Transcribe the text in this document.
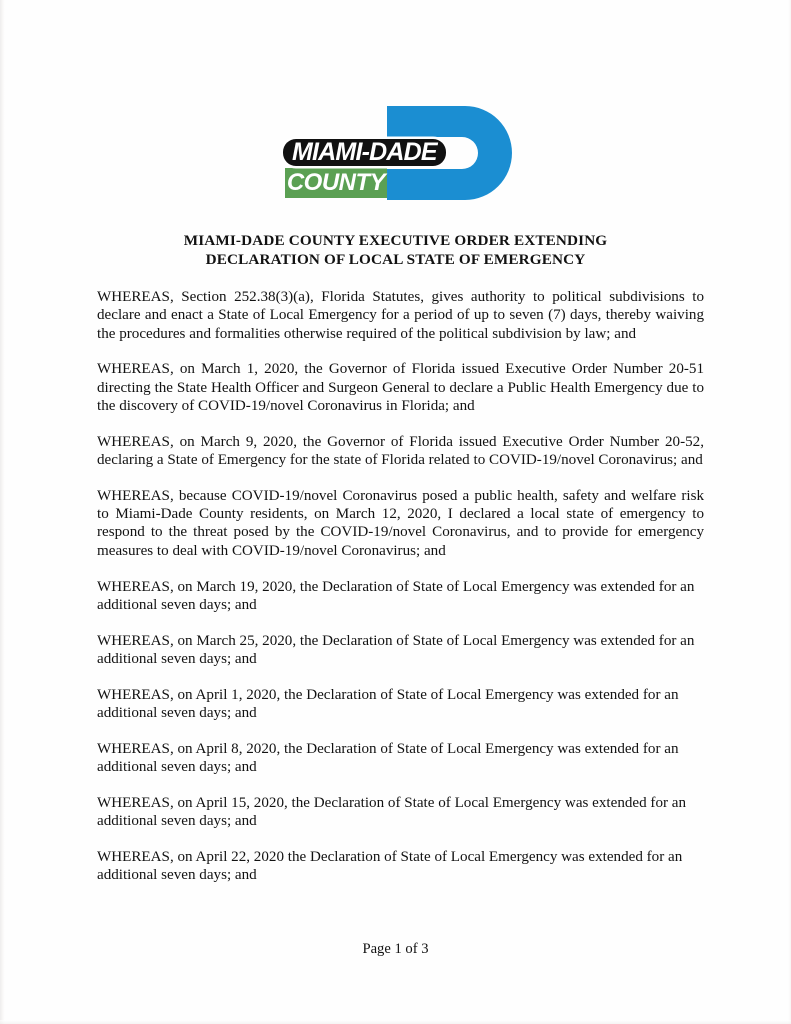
COUNTY
MIAMI-DADE
MIAMI-DADE COUNTY EXECUTIVE ORDER EXTENDING
DECLARATION OF LOCAL STATE OF EMERGENCY

WHEREAS, Section 252.38(3)(a), Florida Statutes, gives authority to political subdivisions to declare and enact a State of Local Emergency for a period of up to seven (7) days, thereby waiving the procedures and formalities otherwise required of the political subdivision by law; and

WHEREAS, on March 1, 2020, the Governor of Florida issued Executive Order Number 20-51 directing the State Health Officer and Surgeon General to declare a Public Health Emergency due to the discovery of COVID-19/novel Coronavirus in Florida; and

WHEREAS, on March 9, 2020, the Governor of Florida issued Executive Order Number 20-52, declaring a State of Emergency for the state of Florida related to COVID-19/novel Coronavirus; and

WHEREAS, because COVID-19/novel Coronavirus posed a public health, safety and welfare risk to Miami-Dade County residents, on March 12, 2020, I declared a local state of emergency to respond to the threat posed by the COVID-19/novel Coronavirus, and to provide for emergency measures to deal with COVID-19/novel Coronavirus; and

WHEREAS, on March 19, 2020, the Declaration of State of Local Emergency was extended for an additional seven days; and

WHEREAS, on March 25, 2020, the Declaration of State of Local Emergency was extended for an additional seven days; and

WHEREAS, on April 1, 2020, the Declaration of State of Local Emergency was extended for an additional seven days; and

WHEREAS, on April 8, 2020, the Declaration of State of Local Emergency was extended for an additional seven days; and

WHEREAS, on April 15, 2020, the Declaration of State of Local Emergency was extended for an additional seven days; and

WHEREAS, on April 22, 2020 the Declaration of State of Local Emergency was extended for an additional seven days; and

Page 1 of 3
